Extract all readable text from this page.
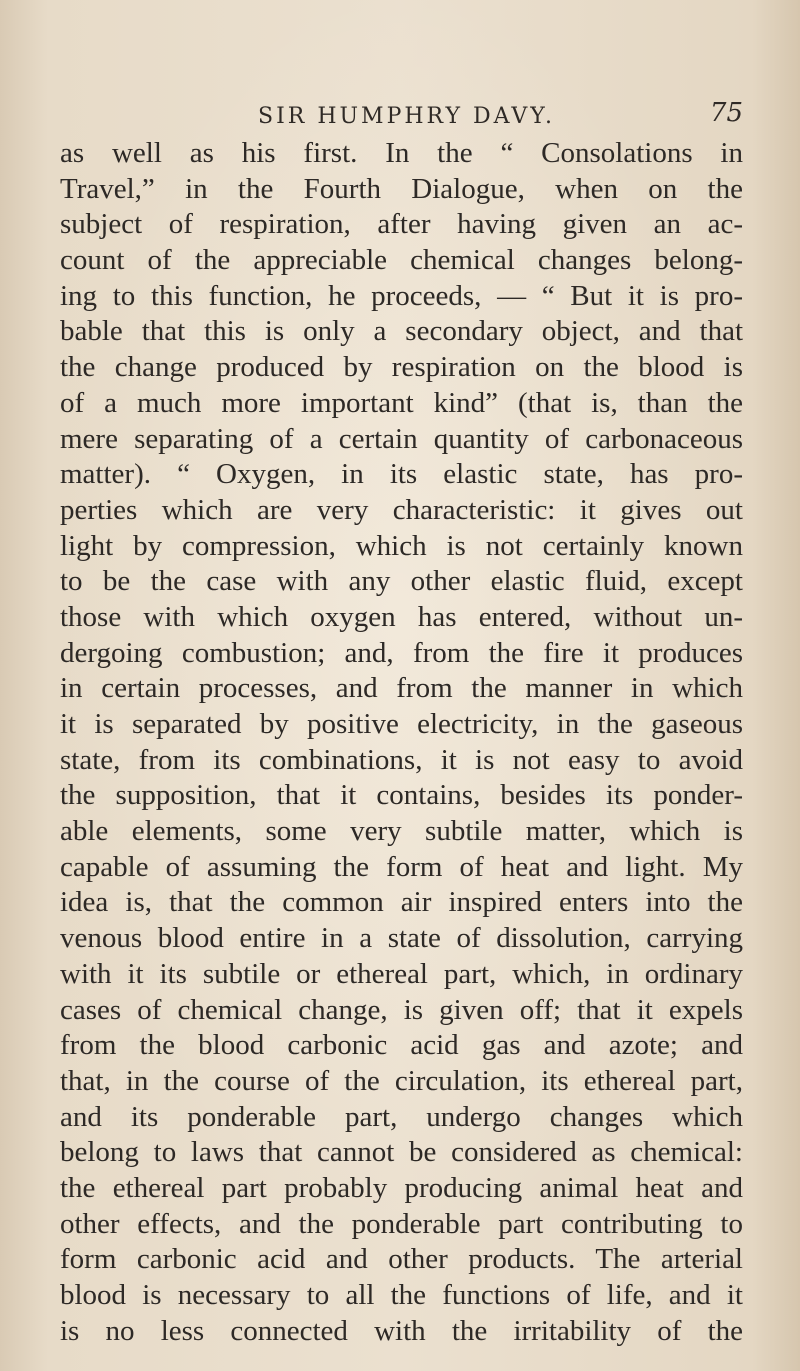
SIR HUMPHRY DAVY.	75
as well as his first. In the “ Consolations in
Travel,” in the Fourth Dialogue, when on the
subject of respiration, after having given an ac-
count of the appreciable chemical changes belong-
ing to this function, he proceeds, — “ But it is pro-
bable that this is only a secondary object, and that
the change produced by respiration on the blood is
of a much more important kind” (that is, than the
mere separating of a certain quantity of carbonaceous
matter). “ Oxygen, in its elastic state, has pro-
perties which are very characteristic: it gives out
light by compression, which is not certainly known
to be the case with any other elastic fluid, except
those with which oxygen has entered, without un-
dergoing combustion; and, from the fire it produces
in certain processes, and from the manner in which
it is separated by positive electricity, in the gaseous
state, from its combinations, it is not easy to avoid
the supposition, that it contains, besides its ponder-
able elements, some very subtile matter, which is
capable of assuming the form of heat and light. My
idea is, that the common air inspired enters into the
venous blood entire in a state of dissolution, carrying
with it its subtile or ethereal part, which, in ordinary
cases of chemical change, is given off; that it expels
from the blood carbonic acid gas and azote; and
that, in the course of the circulation, its ethereal part,
and its ponderable part, undergo changes which
belong to laws that cannot be considered as chemical:
the ethereal part probably producing animal heat and
other effects, and the ponderable part contributing to
form carbonic acid and other products. The arterial
blood is necessary to all the functions of life, and it
is no less connected with the irritability of the
